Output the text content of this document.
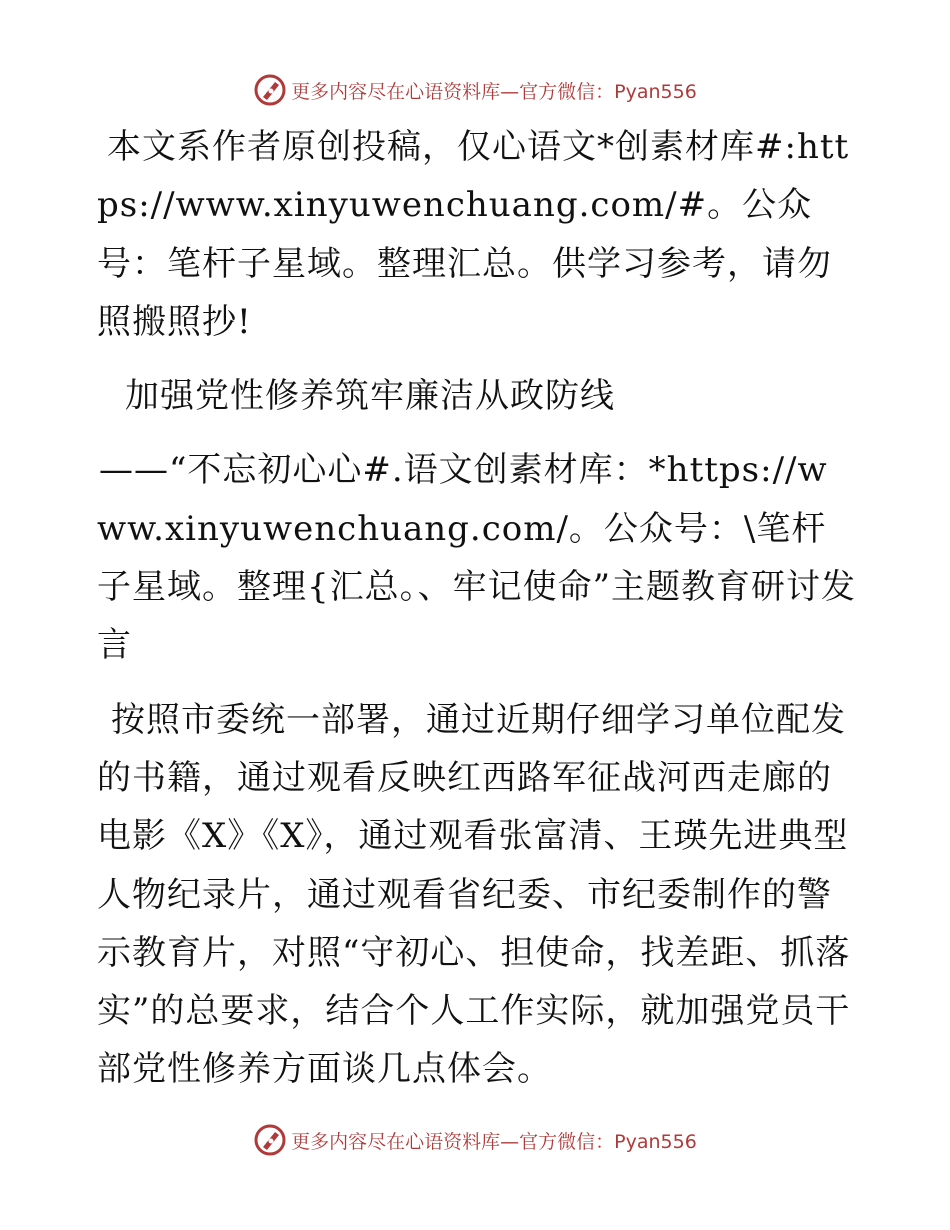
更多内容尽在心语资料库—官方微信：Pyan556

本文系作者原创投稿，仅心语文*创素材库#:https://www.xinyuwenchuang.com/#。公众号：笔杆子星域。整理汇总。供学习参考，请勿照搬照抄!

加强党性修养筑牢廉洁从政防线

——“不忘初心心#.语文创素材库：*https://www.xinyuwenchuang.com/。公众号：\笔杆子星域。整理{汇总。、牢记使命”主题教育研讨发言

按照市委统一部署，通过近期仔细学习单位配发的书籍，通过观看反映红西路军征战河西走廊的电影《X》《X》，通过观看张富清、王瑛先进典型人物纪录片，通过观看省纪委、市纪委制作的警示教育片，对照“守初心、担使命，找差距、抓落实”的总要求，结合个人工作实际，就加强党员干部党性修养方面谈几点体会。

更多内容尽在心语资料库—官方微信：Pyan556
